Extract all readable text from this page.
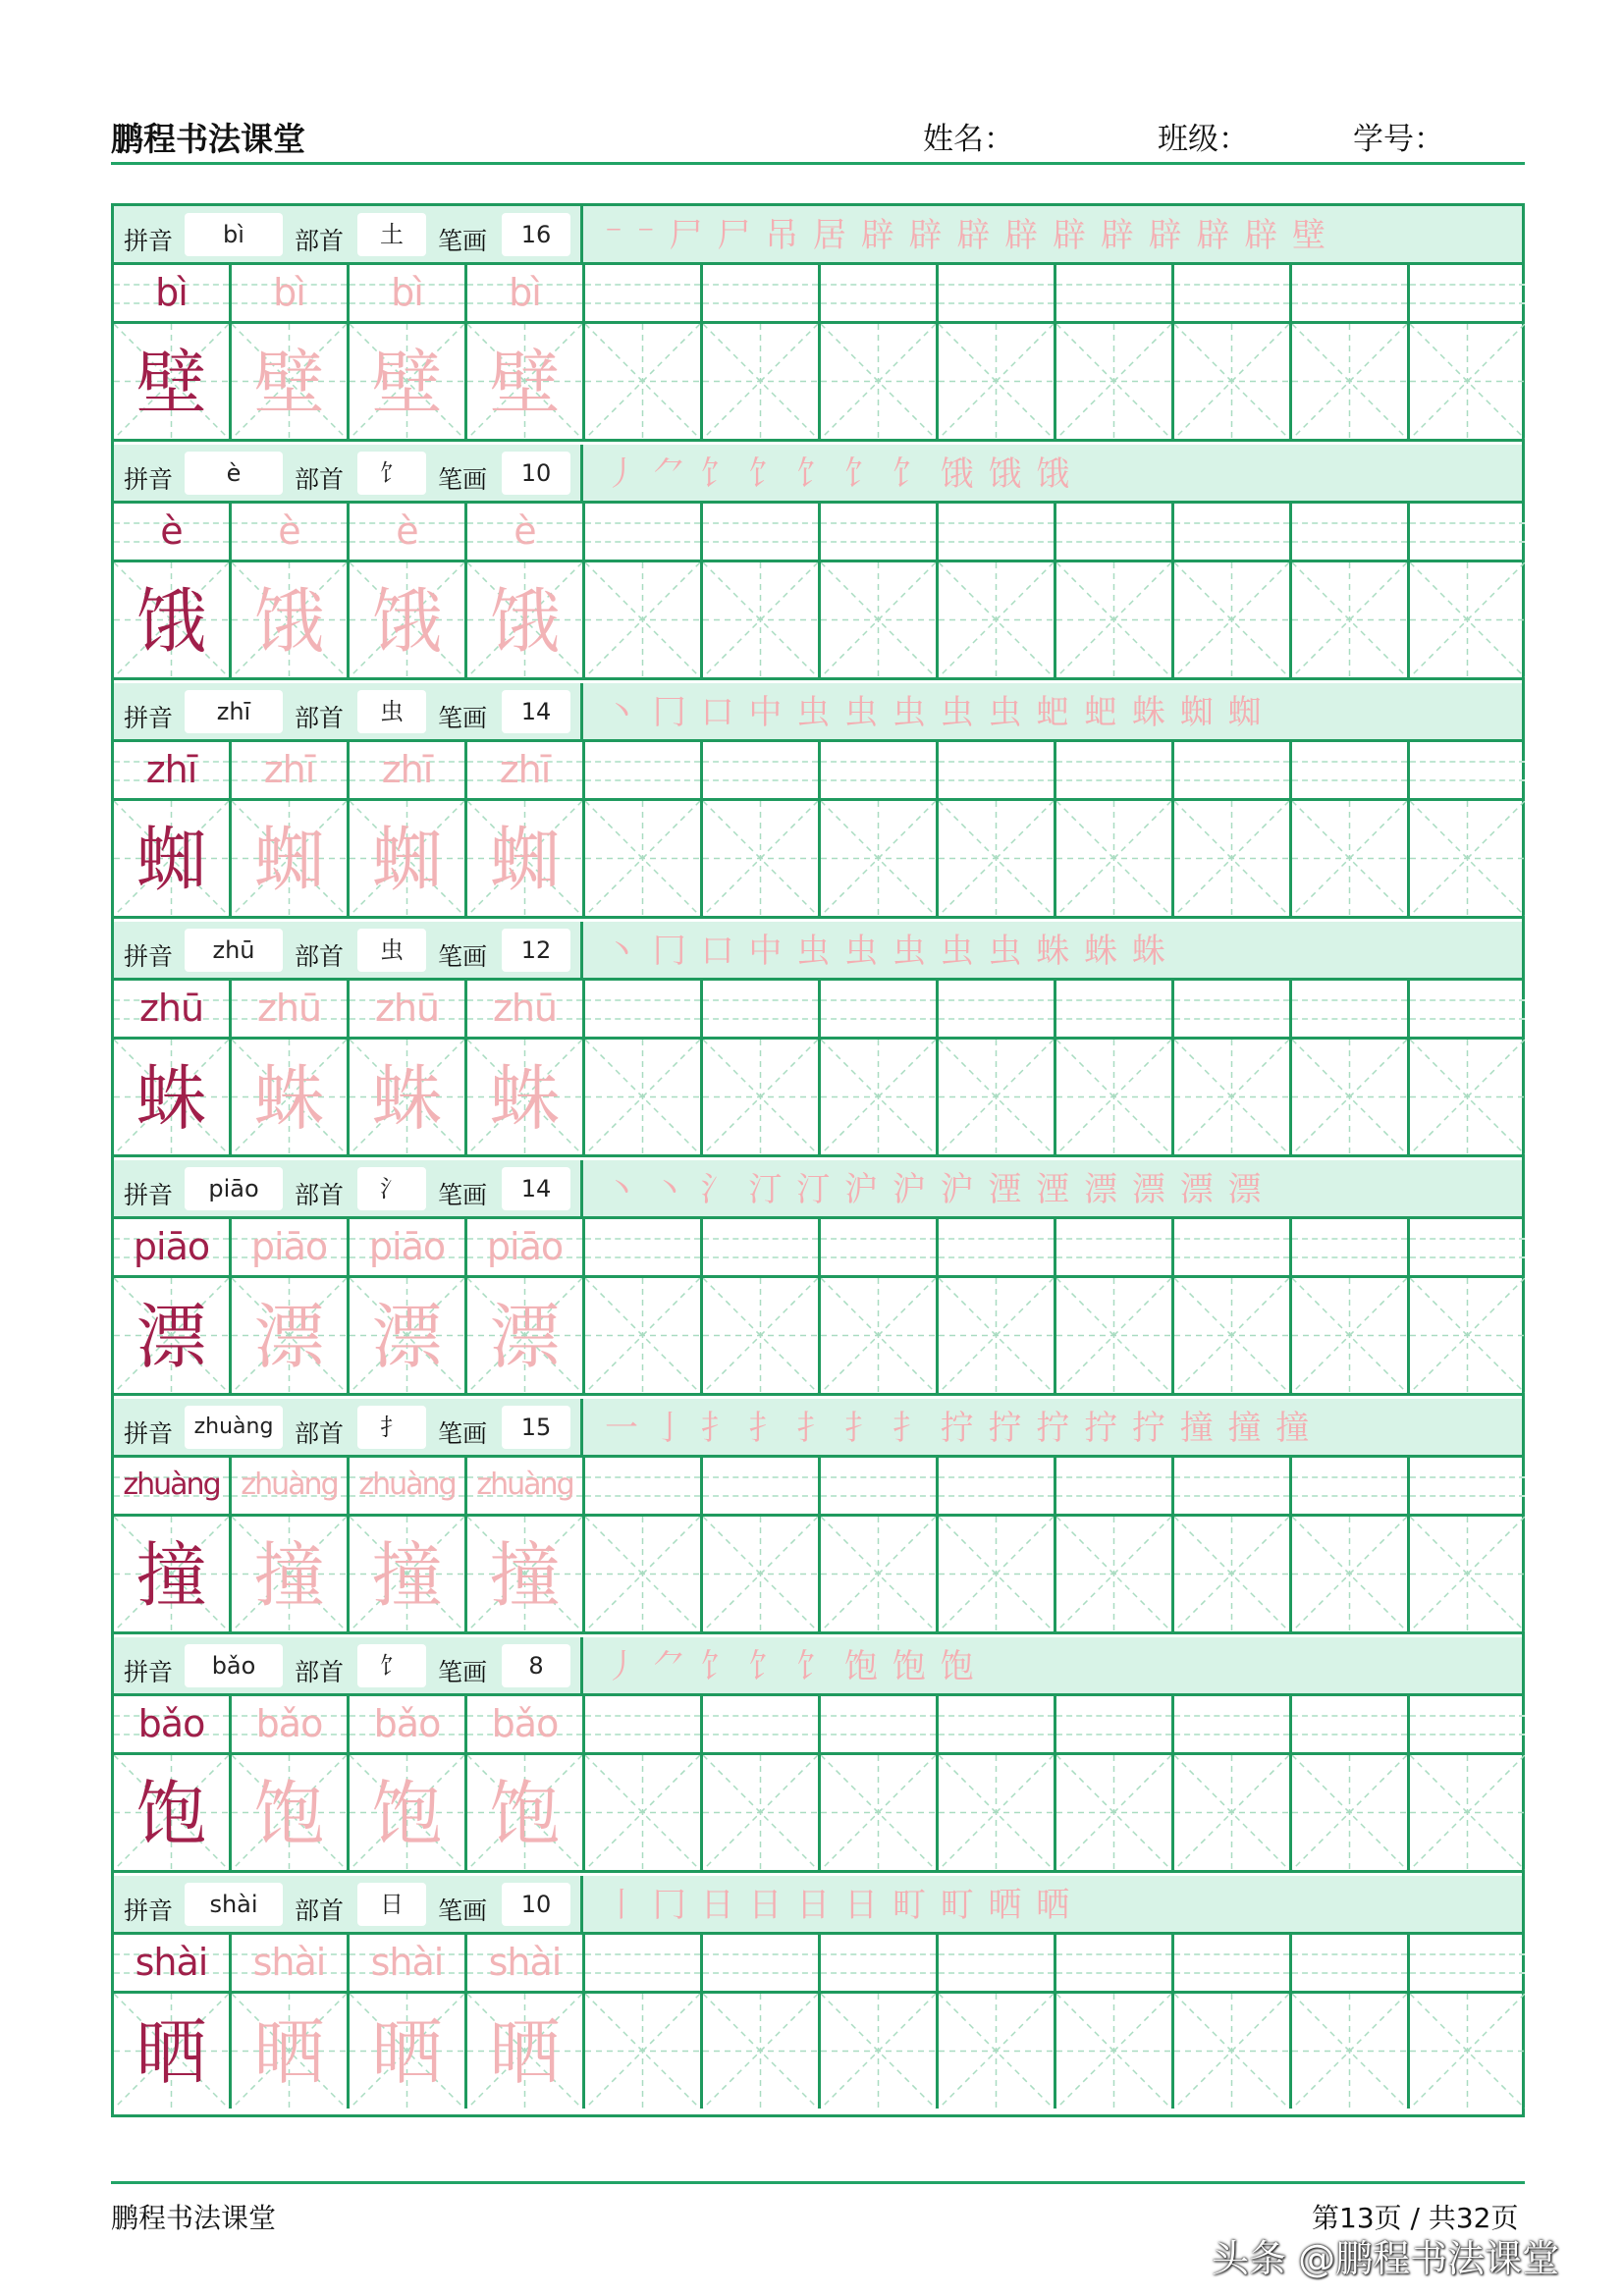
鹏程书法课堂	姓名：	班级：	学号：
拼音	bì	部首	土	笔画	16	⁻ ⁻ ⼫ 尸 吊 居 辟 辟 辟 辟 辟 辟 辟 辟 辟 壁
bì	bì	bì	bì
壁 壁 壁 壁
拼音	è	部首	饣	笔画	10	丿 ⺈ 饣 饣 饣 饣 饣 饿 饿 饿
è	è	è	è
饿 饿 饿 饿
拼音	zhī	部首	虫	笔画	14	丶 ⼌ 口 中 虫 虫 虫 虫 虫 蚆 蚆 蛛 蜘 蜘
zhī	zhī	zhī	zhī
蜘 蜘 蜘 蜘
拼音	zhū	部首	虫	笔画	12	丶 ⼌ 口 中 虫 虫 虫 虫 虫 蛛 蛛 蛛
zhū	zhū	zhū	zhū
蛛 蛛 蛛 蛛
拼音	piāo	部首	氵	笔画	14	丶 丶 氵 汀 汀 沪 沪 沪 湮 湮 漂 漂 漂 漂
piāo	piāo	piāo	piāo
漂 漂 漂 漂
拼音 zhuàng 部首	扌	笔画	15	一 亅 扌 扌 扌 扌 扌 拧 拧 拧 拧 拧 撞 撞 撞
zhuàng zhuàng zhuàng zhuàng
撞 撞 撞 撞
拼音	bǎo	部首	饣	笔画	8	丿 ⺈ 饣 饣 饣 饱 饱 饱
bǎo	bǎo	bǎo	bǎo
饱 饱 饱 饱
拼音	shài	部首	日	笔画	10	丨 ⼌ 日 日 日 日 町 町 晒 晒
shài	shài	shài	shài
晒 晒 晒 晒
鹏程书法课堂	第13页 / 共32页
头条 @鹏程书法课堂
